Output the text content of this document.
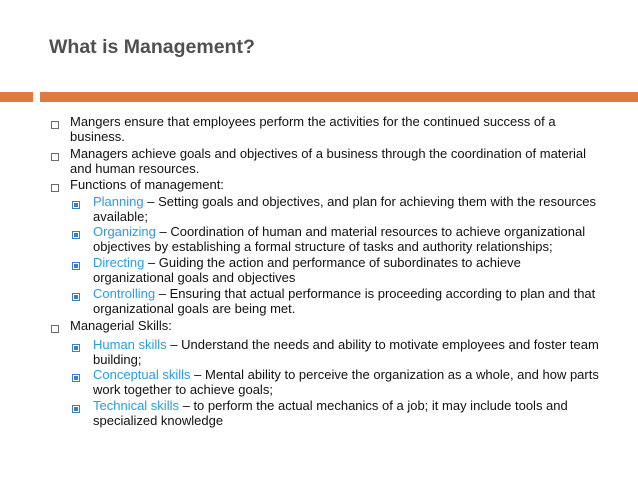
What is Management?
Mangers ensure that employees perform the activities for the continued success of a business.
Managers achieve goals and objectives of a business through the coordination of material and human resources.
Functions of management:
Planning – Setting goals and objectives, and plan for achieving them with the resources available;
Organizing – Coordination of human and material resources to achieve organizational objectives by establishing a formal structure of tasks and authority relationships;
Directing – Guiding the action and performance of subordinates to achieve organizational goals and objectives
Controlling – Ensuring that actual performance is proceeding according to plan and that organizational goals are being met.
Managerial Skills:
Human skills – Understand the needs and ability to motivate employees and foster team building;
Conceptual skills – Mental ability to perceive the organization as a whole, and how parts work together to achieve goals;
Technical skills – to perform the actual mechanics of a job; it may include tools and specialized knowledge
